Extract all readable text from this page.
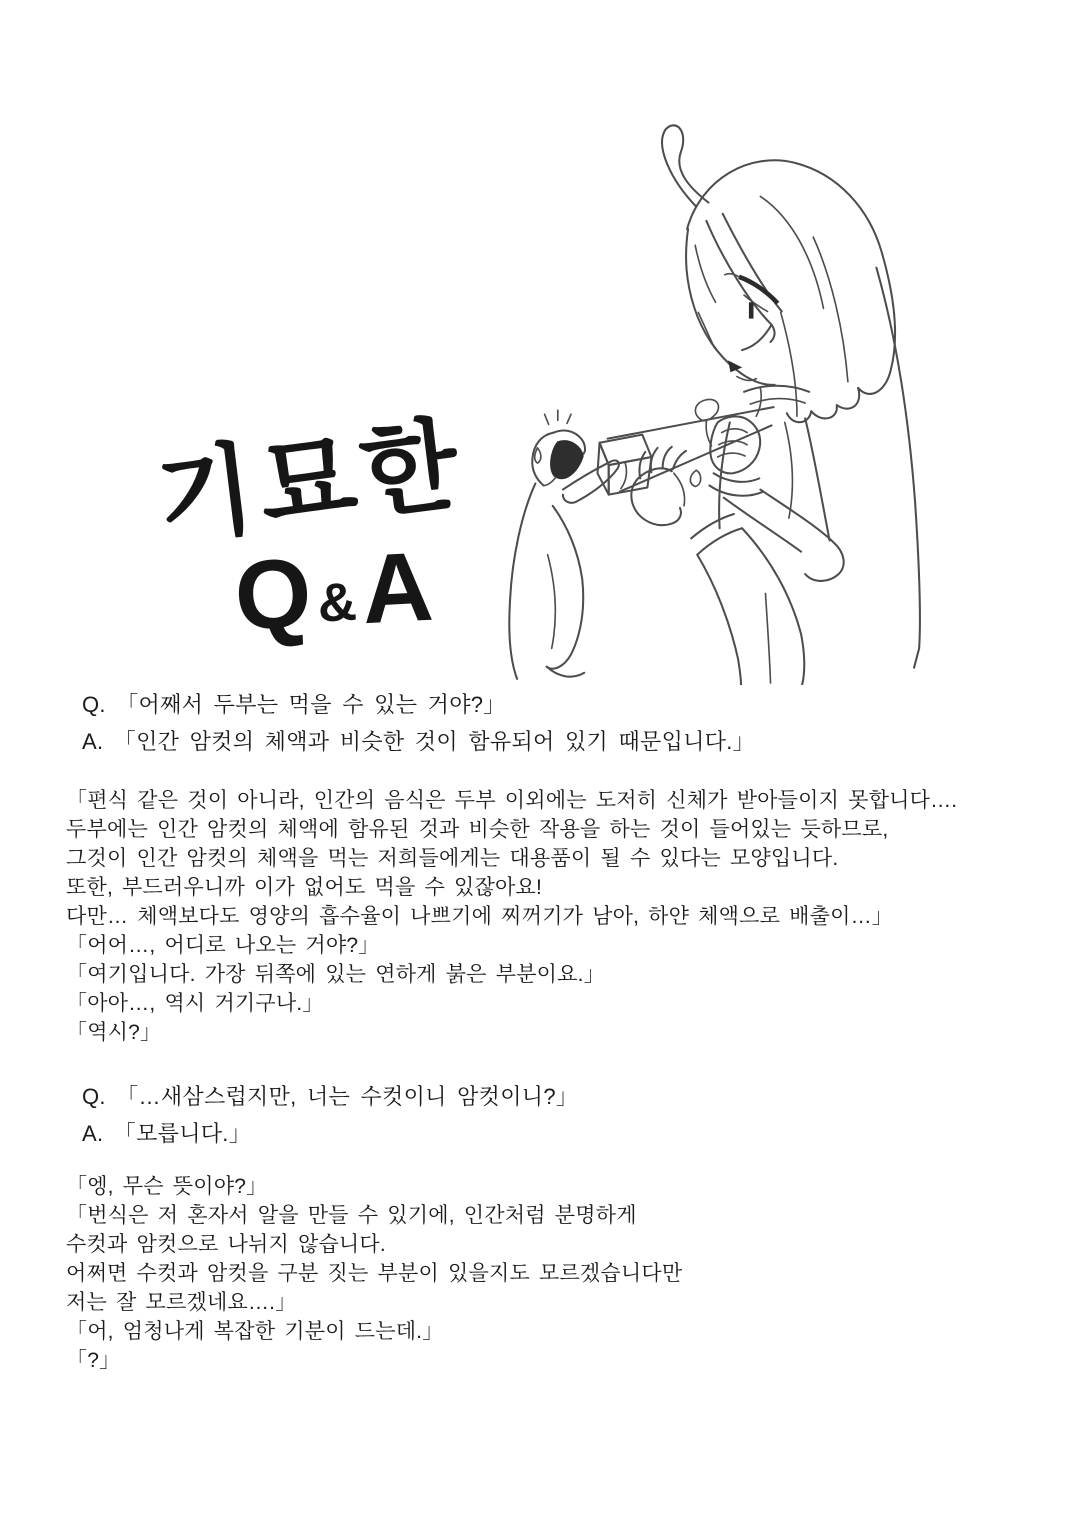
기묘한
Q&A
Q. 「어째서 두부는 먹을 수 있는 거야?」
A. 「인간 암컷의 체액과 비슷한 것이 함유되어 있기 때문입니다.」
「편식 같은 것이 아니라, 인간의 음식은 두부 이외에는 도저히 신체가 받아들이지 못합니다….
두부에는 인간 암컷의 체액에 함유된 것과 비슷한 작용을 하는 것이 들어있는 듯하므로,
그것이 인간 암컷의 체액을 먹는 저희들에게는 대용품이 될 수 있다는 모양입니다.
또한, 부드러우니까 이가 없어도 먹을 수 있잖아요!
다만… 체액보다도 영양의 흡수율이 나쁘기에 찌꺼기가 남아, 하얀 체액으로 배출이…」
「어어…, 어디로 나오는 거야?」
「여기입니다. 가장 뒤쪽에 있는 연하게 붉은 부분이요.」
「아아…, 역시 거기구나.」
「역시?」
Q. 「…새삼스럽지만, 너는 수컷이니 암컷이니?」
A. 「모릅니다.」
「엥, 무슨 뜻이야?」
「번식은 저 혼자서 알을 만들 수 있기에, 인간처럼 분명하게
수컷과 암컷으로 나뉘지 않습니다.
어쩌면 수컷과 암컷을 구분 짓는 부분이 있을지도 모르겠습니다만
저는 잘 모르겠네요….」
「어, 엄청나게 복잡한 기분이 드는데.」
「?」
